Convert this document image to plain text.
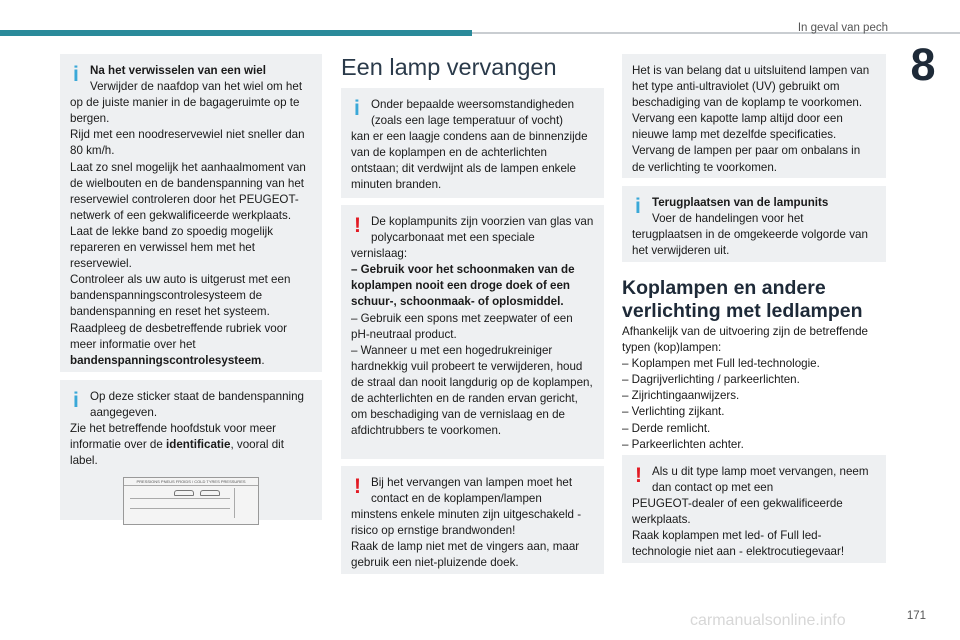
In geval van pech
8
i Na het verwisselen van een wiel
Verwijder de naafdop van het wiel om het
op de juiste manier in de bagageruimte op te bergen.
Rijd met een noodreservewiel niet sneller dan 80 km/h.
Laat zo snel mogelijk het aanhaalmoment van de wielbouten en de bandenspanning van het reservewiel controleren door het PEUGEOT-netwerk of een gekwalificeerde werkplaats.
Laat de lekke band zo spoedig mogelijk repareren en verwissel hem met het reservewiel.
Controleer als uw auto is uitgerust met een bandenspanningscontrolesysteem de bandenspanning en reset het systeem.
Raadpleeg de desbetreffende rubriek voor meer informatie over het bandenspanningscontrolesysteem.
i Op deze sticker staat de bandenspanning aangegeven.
Zie het betreffende hoofdstuk voor meer informatie over de identificatie, vooral dit label.
PRESSIONS PNEUS FROIDS / COLD TYRES PRESSURES
Een lamp vervangen
i Onder bepaalde weersomstandigheden (zoals een lage temperatuur of vocht)
kan er een laagje condens aan de binnenzijde van de koplampen en de achterlichten ontstaan; dit verdwijnt als de lampen enkele minuten branden.
! De koplampunits zijn voorzien van glas van polycarbonaat met een speciale
vernislaag:
– Gebruik voor het schoonmaken van de koplampen nooit een droge doek of een schuur-, schoonmaak- of oplosmiddel.
– Gebruik een spons met zeepwater of een pH-neutraal product.
– Wanneer u met een hogedrukreiniger hardnekkig vuil probeert te verwijderen, houd de straal dan nooit langdurig op de koplampen, de achterlichten en de randen ervan gericht, om beschadiging van de vernislaag en de afdichtrubbers te voorkomen.
! Bij het vervangen van lampen moet het contact en de koplampen/lampen
minstens enkele minuten zijn uitgeschakeld - risico op ernstige brandwonden!
Raak de lamp niet met de vingers aan, maar gebruik een niet-pluizende doek.
Het is van belang dat u uitsluitend lampen van het type anti-ultraviolet (UV) gebruikt om beschadiging van de koplamp te voorkomen.
Vervang een kapotte lamp altijd door een nieuwe lamp met dezelfde specificaties.
Vervang de lampen per paar om onbalans in de verlichting te voorkomen.
i Terugplaatsen van de lampunits
Voer de handelingen voor het
terugplaatsen in de omgekeerde volgorde van het verwijderen uit.
Koplampen en andere verlichting met ledlampen
Afhankelijk van de uitvoering zijn de betreffende typen (kop)lampen:
– Koplampen met Full led-technologie.
– Dagrijverlichting / parkeerlichten.
– Zijrichtingaanwijzers.
– Verlichting zijkant.
– Derde remlicht.
– Parkeerlichten achter.
! Als u dit type lamp moet vervangen, neem dan contact op met een
PEUGEOT-dealer of een gekwalificeerde werkplaats.
Raak koplampen met led- of Full led-technologie niet aan - elektrocutiegevaar!
carmanualsonline.info	171
